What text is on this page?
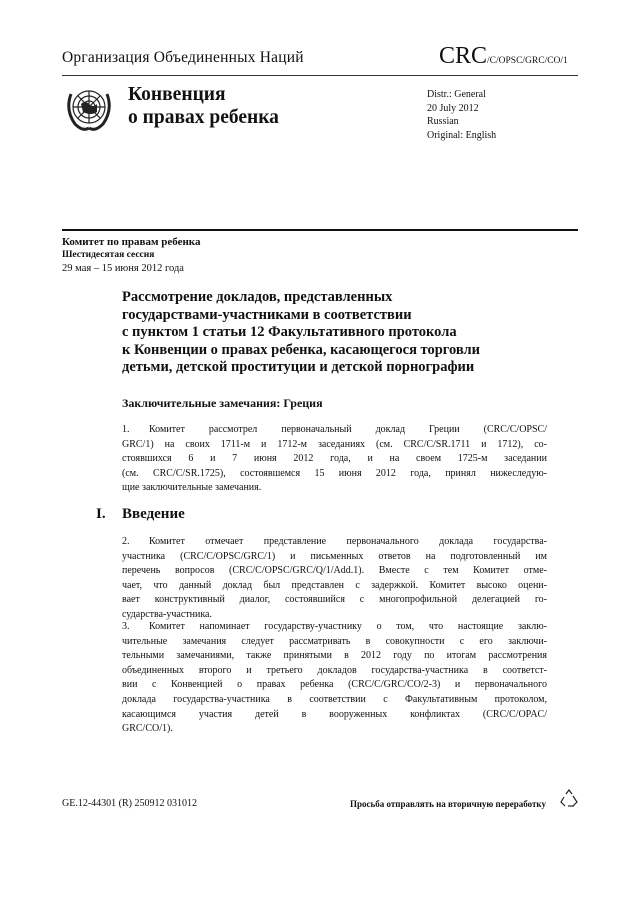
Организация Объединенных Наций	CRC/C/OPSC/GRC/CO/1
Конвенция
о правах ребенка
Distr.: General
20 July 2012
Russian
Original: English
Комитет по правам ребенка
Шестидесятая сессия
29 мая – 15 июня 2012 года
Рассмотрение докладов, представленных
государствами-участниками в соответствии
с пунктом 1 статьи 12 Факультативного протокола
к Конвенции о правах ребенка, касающегося торговли
детьми, детской проституции и детской порнографии
Заключительные замечания: Греция
1. Комитет рассмотрел первоначальный доклад Греции (CRC/C/OPSC/
GRC/1) на своих 1711-м и 1712-м заседаниях (см. CRC/C/SR.1711 и 1712), со-
стоявшихся 6 и 7 июня 2012 года, и на своем 1725-м заседании
(см. CRC/C/SR.1725), состоявшемся 15 июня 2012 года, принял нижеследую-
щие заключительные замечания.
I. Введение
2. Комитет отмечает представление первоначального доклада государства-
участника (CRC/C/OPSC/GRC/1) и письменных ответов на подготовленный им
перечень вопросов (CRC/C/OPSC/GRC/Q/1/Add.1). Вместе с тем Комитет отме-
чает, что данный доклад был представлен с задержкой. Комитет высоко оцени-
вает конструктивный диалог, состоявшийся с многопрофильной делегацией го-
сударства-участника.
3. Комитет напоминает государству-участнику о том, что настоящие заклю-
чительные замечания следует рассматривать в совокупности с его заключи-
тельными замечаниями, также принятыми в 2012 году по итогам рассмотрения
объединенных второго и третьего докладов государства-участника в соответст-
вии с Конвенцией о правах ребенка (CRC/C/GRC/CO/2-3) и первоначального
доклада государства-участника в соответствии с Факультативным протоколом,
касающимся участия детей в вооруженных конфликтах (CRC/C/OPAC/
GRC/CO/1).
GE.12-44301 (R) 250912 031012	Просьба отправлять на вторичную переработку
